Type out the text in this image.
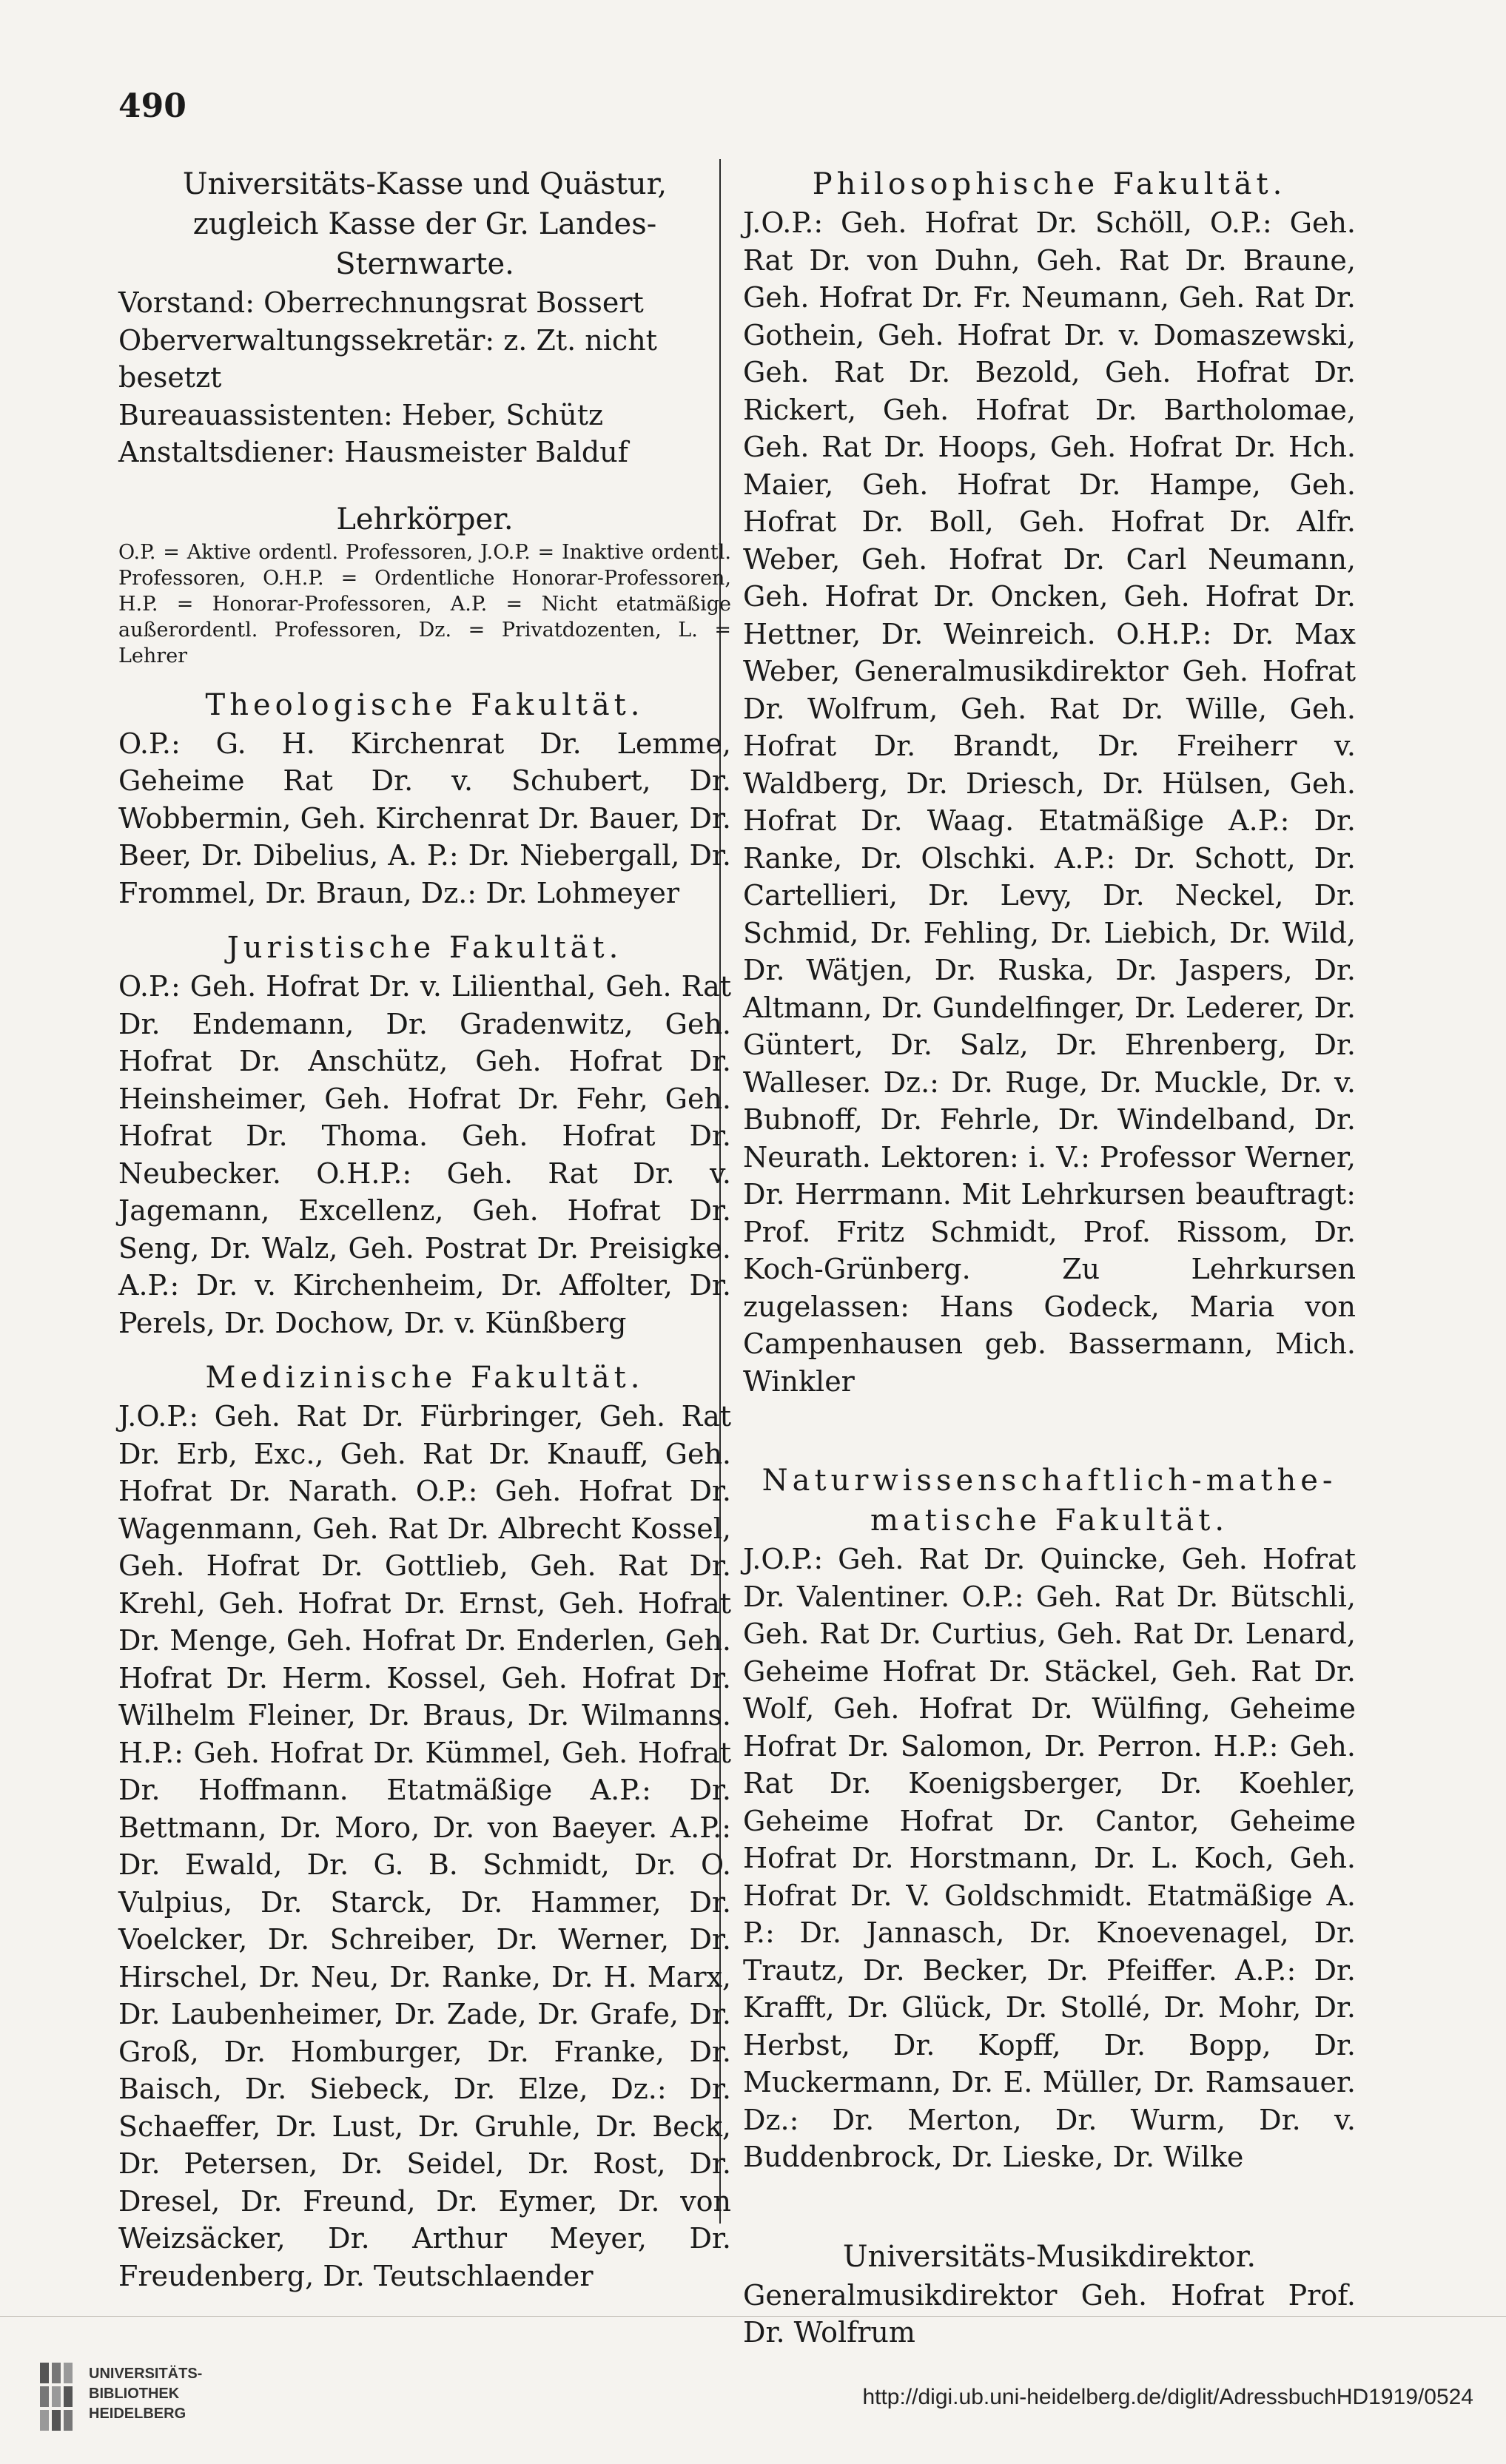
490

Universitäts-Kasse und Quästur,

zugleich Kasse der Gr. Landes-Sternwarte.

Vorstand: Oberrechnungsrat Bossert

Oberverwaltungssekretär: z. Zt. nicht besetzt

Bureauassistenten: Heber, Schütz

Anstaltsdiener: Hausmeister Balduf

Lehrkörper.

O.P. = Aktive ordentl. Professoren, J.O.P. = Inaktive ordentl. Professoren, O.H.P. = Ordentliche Honorar-Professoren, H.P. = Honorar-Professoren, A.P. = Nicht etatmäßige außerordentl. Professoren, Dz. = Privatdozenten, L. = Lehrer

Theologische Fakultät.

O.P.: G. H. Kirchenrat Dr. Lemme, Geheime Rat Dr. v. Schubert, Dr. Wobbermin, Geh. Kirchenrat Dr. Bauer, Dr. Beer, Dr. Dibelius, A. P.: Dr. Niebergall, Dr. Frommel, Dr. Braun, Dz.: Dr. Lohmeyer

Juristische Fakultät.

O.P.: Geh. Hofrat Dr. v. Lilienthal, Geh. Rat Dr. Endemann, Dr. Gradenwitz, Geh. Hofrat Dr. Anschütz, Geh. Hofrat Dr. Heinsheimer, Geh. Hofrat Dr. Fehr, Geh. Hofrat Dr. Thoma. Geh. Hofrat Dr. Neubecker. O.H.P.: Geh. Rat Dr. v. Jagemann, Excellenz, Geh. Hofrat Dr. Seng, Dr. Walz, Geh. Postrat Dr. Preisigke. A.P.: Dr. v. Kirchenheim, Dr. Affolter, Dr. Perels, Dr. Dochow, Dr. v. Künßberg

Medizinische Fakultät.

J.O.P.: Geh. Rat Dr. Fürbringer, Geh. Rat Dr. Erb, Exc., Geh. Rat Dr. Knauff, Geh. Hofrat Dr. Narath. O.P.: Geh. Hofrat Dr. Wagenmann, Geh. Rat Dr. Albrecht Kossel, Geh. Hofrat Dr. Gottlieb, Geh. Rat Dr. Krehl, Geh. Hofrat Dr. Ernst, Geh. Hofrat Dr. Menge, Geh. Hofrat Dr. Enderlen, Geh. Hofrat Dr. Herm. Kossel, Geh. Hofrat Dr. Wilhelm Fleiner, Dr. Braus, Dr. Wilmanns. H.P.: Geh. Hofrat Dr. Kümmel, Geh. Hofrat Dr. Hoffmann. Etatmäßige A.P.: Dr. Bettmann, Dr. Moro, Dr. von Baeyer. A.P.: Dr. Ewald, Dr. G. B. Schmidt, Dr. O. Vulpius, Dr. Starck, Dr. Hammer, Dr. Voelcker, Dr. Schreiber, Dr. Werner, Dr. Hirschel, Dr. Neu, Dr. Ranke, Dr. H. Marx, Dr. Laubenheimer, Dr. Zade, Dr. Grafe, Dr. Groß, Dr. Homburger, Dr. Franke, Dr. Baisch, Dr. Siebeck, Dr. Elze, Dz.: Dr. Schaeffer, Dr. Lust, Dr. Gruhle, Dr. Beck, Dr. Petersen, Dr. Seidel, Dr. Rost, Dr. Dresel, Dr. Freund, Dr. Eymer, Dr. von Weizsäcker, Dr. Arthur Meyer, Dr. Freudenberg, Dr. Teutschlaender

Philosophische Fakultät.

J.O.P.: Geh. Hofrat Dr. Schöll, O.P.: Geh. Rat Dr. von Duhn, Geh. Rat Dr. Braune, Geh. Hofrat Dr. Fr. Neumann, Geh. Rat Dr. Gothein, Geh. Hofrat Dr. v. Domaszewski, Geh. Rat Dr. Bezold, Geh. Hofrat Dr. Rickert, Geh. Hofrat Dr. Bartholomae, Geh. Rat Dr. Hoops, Geh. Hofrat Dr. Hch. Maier, Geh. Hofrat Dr. Hampe, Geh. Hofrat Dr. Boll, Geh. Hofrat Dr. Alfr. Weber, Geh. Hofrat Dr. Carl Neumann, Geh. Hofrat Dr. Oncken, Geh. Hofrat Dr. Hettner, Dr. Weinreich. O.H.P.: Dr. Max Weber, Generalmusikdirektor Geh. Hofrat Dr. Wolfrum, Geh. Rat Dr. Wille, Geh. Hofrat Dr. Brandt, Dr. Freiherr v. Waldberg, Dr. Driesch, Dr. Hülsen, Geh. Hofrat Dr. Waag. Etatmäßige A.P.: Dr. Ranke, Dr. Olschki. A.P.: Dr. Schott, Dr. Cartellieri, Dr. Levy, Dr. Neckel, Dr. Schmid, Dr. Fehling, Dr. Liebich, Dr. Wild, Dr. Wätjen, Dr. Ruska, Dr. Jaspers, Dr. Altmann, Dr. Gundelfinger, Dr. Lederer, Dr. Güntert, Dr. Salz, Dr. Ehrenberg, Dr. Walleser. Dz.: Dr. Ruge, Dr. Muckle, Dr. v. Bubnoff, Dr. Fehrle, Dr. Windelband, Dr. Neurath. Lektoren: i. V.: Professor Werner, Dr. Herrmann. Mit Lehrkursen beauftragt: Prof. Fritz Schmidt, Prof. Rissom, Dr. Koch-Grünberg. Zu Lehrkursen zugelassen: Hans Godeck, Maria von Campenhausen geb. Bassermann, Mich. Winkler

Naturwissenschaftlich-mathe-

matische Fakultät.

J.O.P.: Geh. Rat Dr. Quincke, Geh. Hofrat Dr. Valentiner. O.P.: Geh. Rat Dr. Bütschli, Geh. Rat Dr. Curtius, Geh. Rat Dr. Lenard, Geheime Hofrat Dr. Stäckel, Geh. Rat Dr. Wolf, Geh. Hofrat Dr. Wülfing, Geheime Hofrat Dr. Salomon, Dr. Perron. H.P.: Geh. Rat Dr. Koenigsberger, Dr. Koehler, Geheime Hofrat Dr. Cantor, Geheime Hofrat Dr. Horstmann, Dr. L. Koch, Geh. Hofrat Dr. V. Goldschmidt. Etatmäßige A. P.: Dr. Jannasch, Dr. Knoevenagel, Dr. Trautz, Dr. Becker, Dr. Pfeiffer. A.P.: Dr. Krafft, Dr. Glück, Dr. Stollé, Dr. Mohr, Dr. Herbst, Dr. Kopff, Dr. Bopp, Dr. Muckermann, Dr. E. Müller, Dr. Ramsauer. Dz.: Dr. Merton, Dr. Wurm, Dr. v. Buddenbrock, Dr. Lieske, Dr. Wilke

Universitäts-Musikdirektor.

Generalmusikdirektor Geh. Hofrat Prof. Dr. Wolfrum

UNIVERSITÄTS-
BIBLIOTHEK
HEIDELBERG
http://digi.ub.uni-heidelberg.de/diglit/AdressbuchHD1919/0524
